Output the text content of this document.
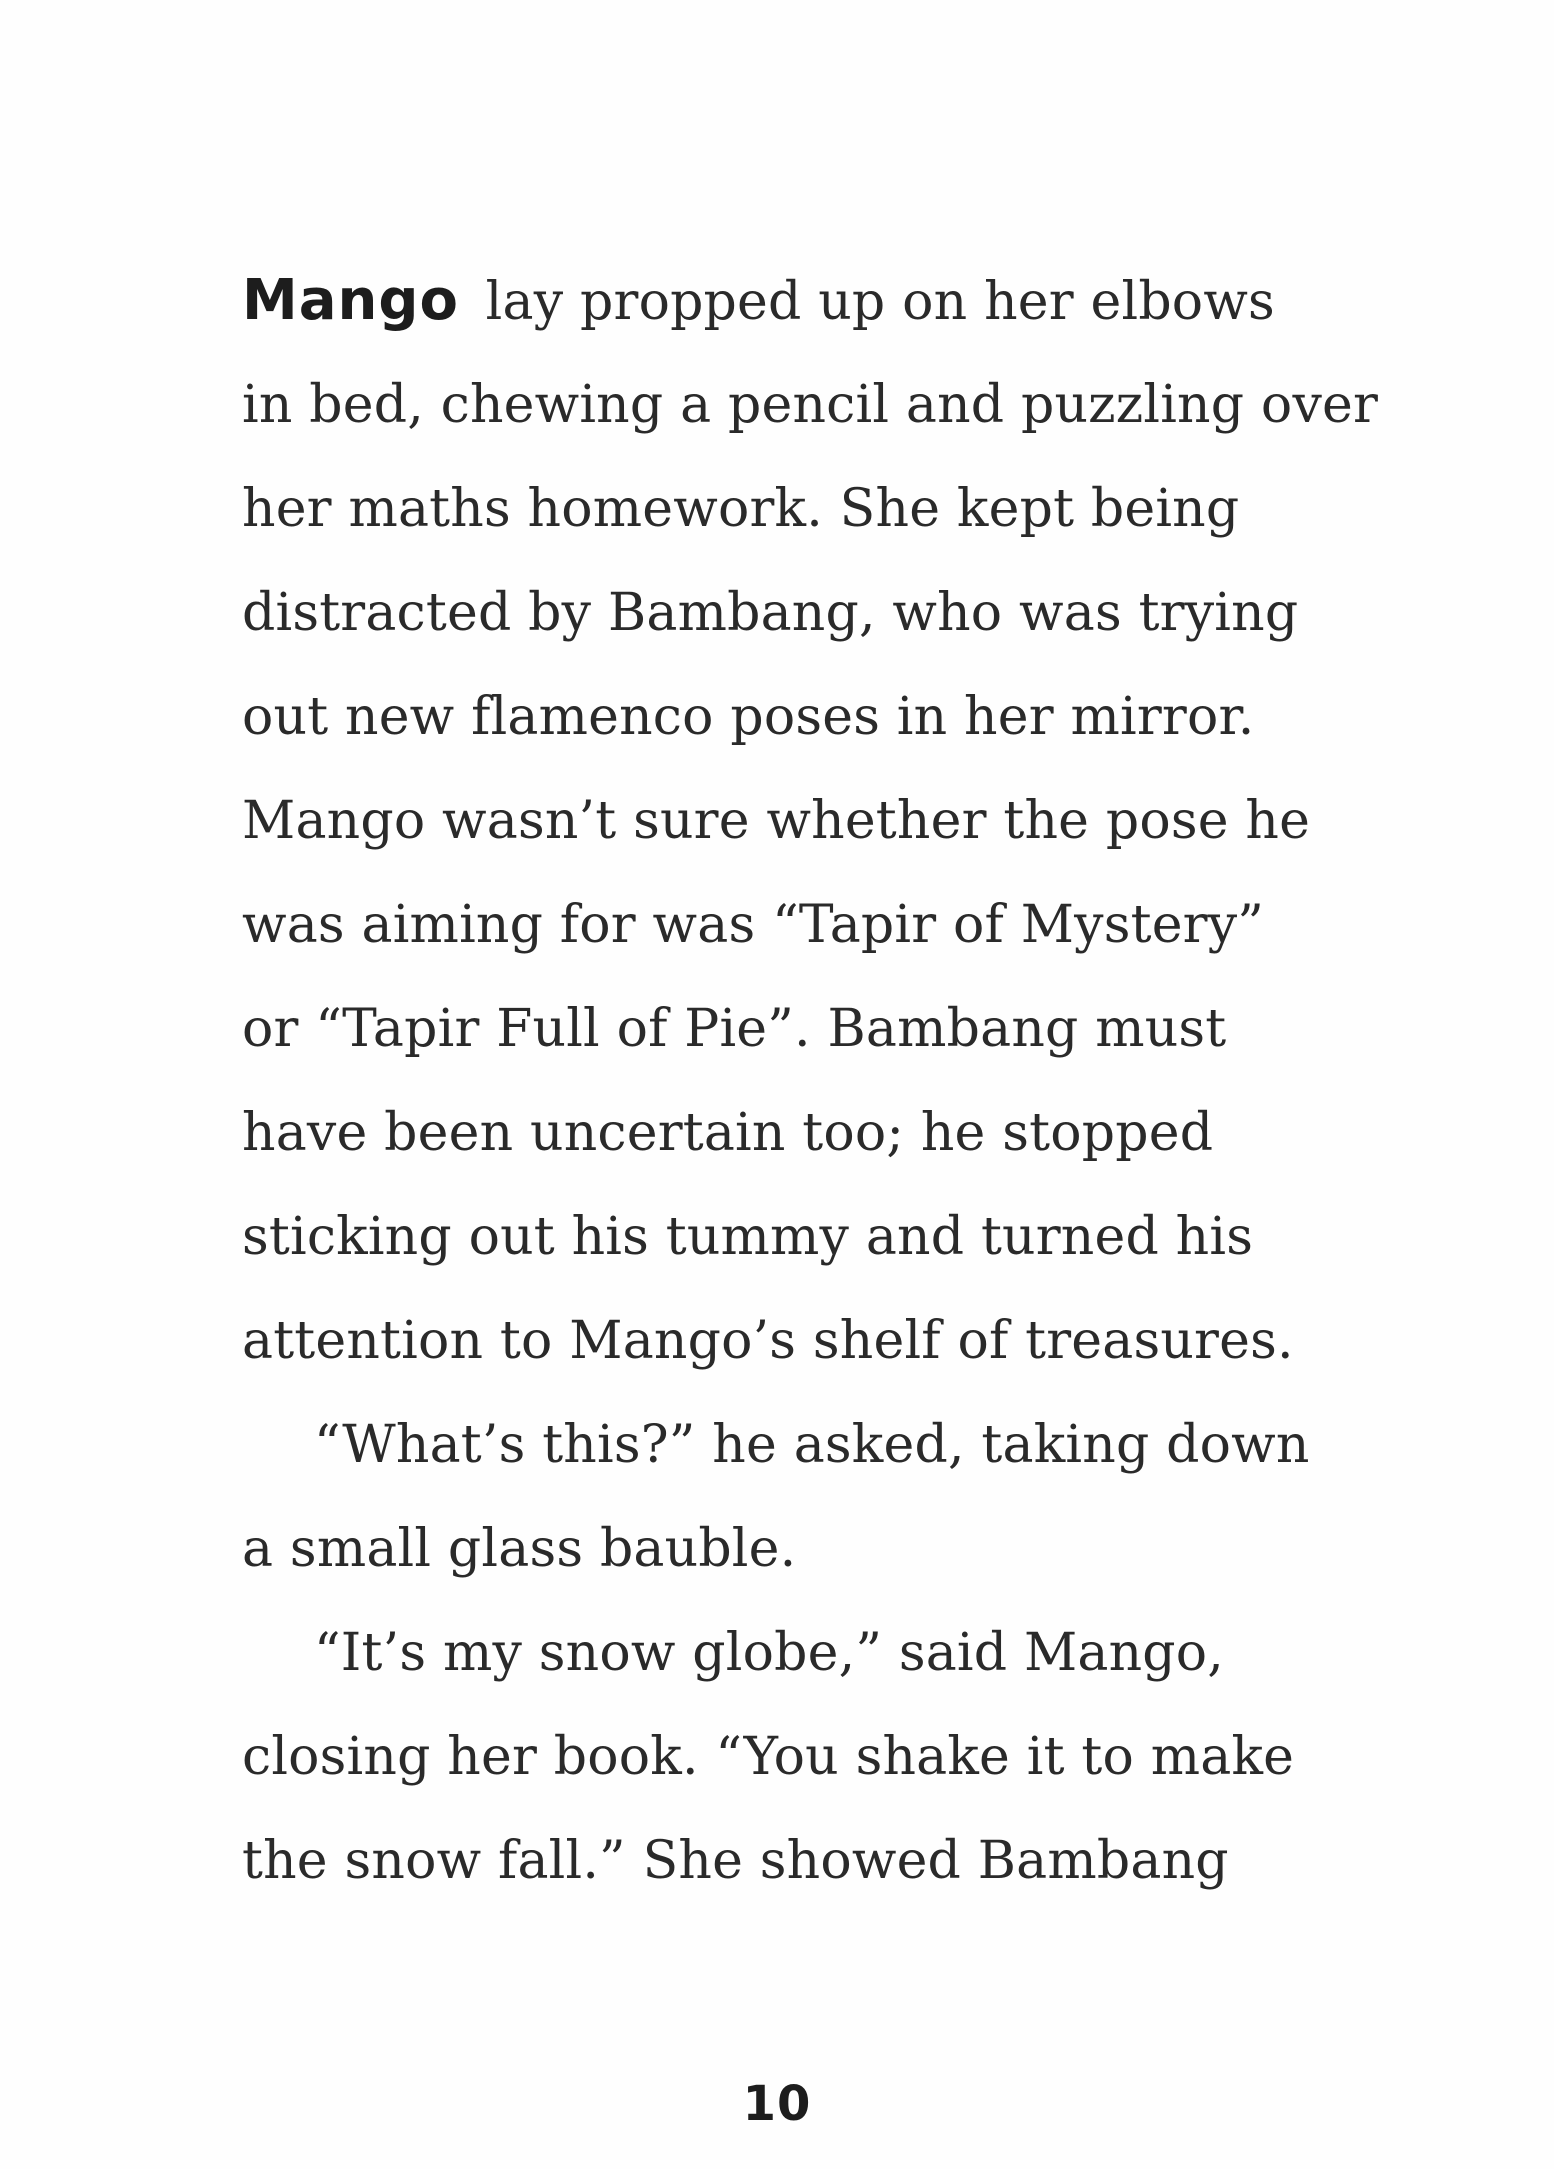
Mango lay propped up on her elbows
in bed, chewing a pencil and puzzling over
her maths homework. She kept being
distracted by Bambang, who was trying
out new flamenco poses in her mirror.
Mango wasn’t sure whether the pose he
was aiming for was “Tapir of Mystery”
or “Tapir Full of Pie”. Bambang must
have been uncertain too; he stopped
sticking out his tummy and turned his
attention to Mango’s shelf of treasures.
“What’s this?” he asked, taking down
a small glass bauble.
“It’s my snow globe,” said Mango,
closing her book. “You shake it to make
the snow fall.” She showed Bambang
10
